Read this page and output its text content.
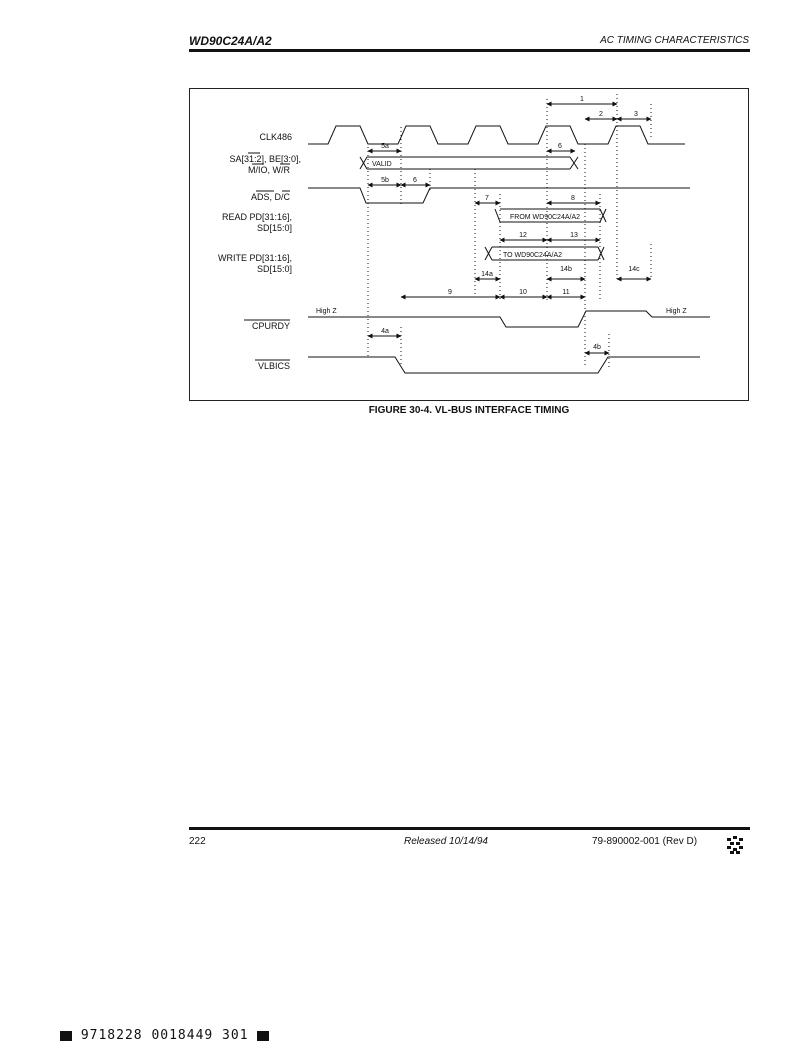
WD90C24A/A2	AC TIMING CHARACTERISTICS
CLK486
SA[31:2], BE[3:0],
M/IO, W/R
ADS, D/C
READ PD[31:16],
SD[15:0]
WRITE PD[31:16],
SD[15:0]
CPURDY
VLBICS
VALID
FROM WD90C24A/A2
TO WD90C24A/A2
High Z	High Z
1
2	3
5a	6
5b	6
7	8
12	13
14a
14b	14c
9	10	11
4a
4b
FIGURE 30-4. VL-BUS INTERFACE TIMING
222	Released 10/14/94	79-890002-001 (Rev D)
9718228 0018449 301
